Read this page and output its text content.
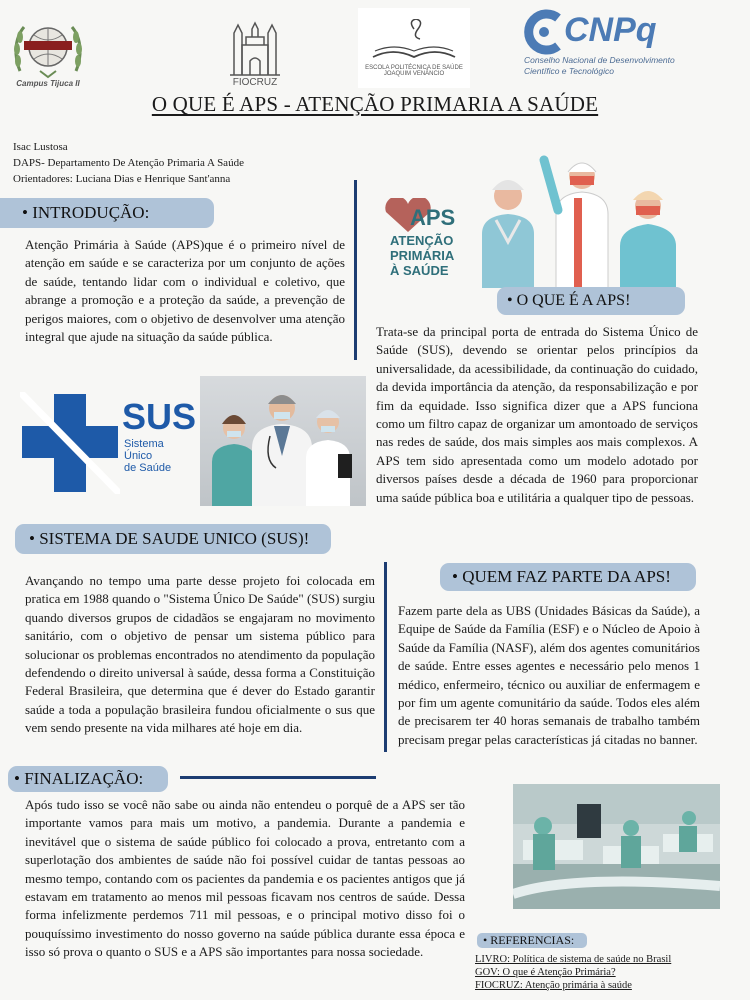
Campus Tijuca II	FIOCRUZ
ESCOLA POLITÉCNICA DE SAÚDE
JOAQUIM VENÂNCIO
CNPq
Conselho Nacional de Desenvolvimento
Científico e Tecnológico
O QUE É APS - ATENÇÃO PRIMARIA A SAÚDE
Isac Lustosa
DAPS- Departamento De Atenção Primaria A Saúde
Orientadores: Luciana Dias e Henrique Sant'anna
• INTRODUÇÃO:
Atenção Primária à Saúde (APS)que é o primeiro nível de atenção em saúde e se caracteriza por um conjunto de ações de saúde, tentando lidar com o individual e coletivo, que abrange a promoção e a proteção da saúde, a prevenção de perigos maiores, com o objetivo de desenvolver uma atenção integral que ajude na situação da saúde pública.
APS
ATENÇÃO
PRIMÁRIA
À SAÚDE
• O QUE É A APS!
Trata-se da principal porta de entrada do Sistema Único de Saúde (SUS), devendo se orientar pelos princípios da universalidade, da acessibilidade, da continuação do cuidado, da devida importância da atenção, da responsabilização e por fim da equidade. Isso significa dizer que a APS funciona como um filtro capaz de organizar um amontoado de serviços nas redes de saúde, dos mais simples aos mais complexos. A APS tem sido apresentada como um modelo adotado por diversos países desde a década de 1960 para proporcionar uma saúde pública boa e utilitária a qualquer tipo de pessoas.
SUS
Sistema
Único
de Saúde
• SISTEMA DE SAUDE UNICO (SUS)!
Avançando no tempo uma parte desse projeto foi colocada em pratica em 1988 quando o "Sistema Único De Saúde" (SUS) surgiu quando diversos grupos de cidadãos se engajaram no movimento sanitário, com o objetivo de pensar um sistema público para solucionar os problemas encontrados no atendimento da população defendendo o direito universal à saúde, dessa forma a Constituição Federal Brasileira, que determina que é dever do Estado garantir saúde a toda a população brasileira fundou oficialmente o sus que vem sendo presente na vida milhares até hoje em dia.
• QUEM FAZ PARTE DA APS!
Fazem parte dela as UBS (Unidades Básicas da Saúde), a Equipe de Saúde da Família (ESF) e o Núcleo de Apoio à Saúde da Família (NASF), além dos agentes comunitários de saúde. Entre esses agentes e necessário pelo menos 1 médico, enfermeiro, técnico ou auxiliar de enfermagem e por fim um agente comunitário da saúde. Todos eles além de precisarem ter 40 horas semanais de trabalho também precisam pregar pelas características já citadas no banner.
• FINALIZAÇÃO:
Após tudo isso se você não sabe ou ainda não entendeu o porquê de a APS ser tão importante vamos para mais um motivo, a pandemia. Durante a pandemia e inevitável que o sistema de saúde público foi colocado a prova, entretanto com a superlotação dos ambientes de saúde não foi possível cuidar de tantas pessoas ao mesmo tempo, contando com os pacientes da pandemia e os pacientes antigos que já estavam em tratamento ao menos mil pessoas ficavam nos centros de saúde. Dessa forma infelizmente perdemos 711 mil pessoas, e o principal motivo disso foi o pouquíssimo investimento do nosso governo na saúde pública durante essa época e isso só prova o quanto o SUS e a APS são importantes para nossa sociedade.
• REFERENCIAS:
LIVRO: Política de sistema de saúde no Brasil
GOV: O que é Atenção Primária?
FIOCRUZ: Atenção primária à saúde
